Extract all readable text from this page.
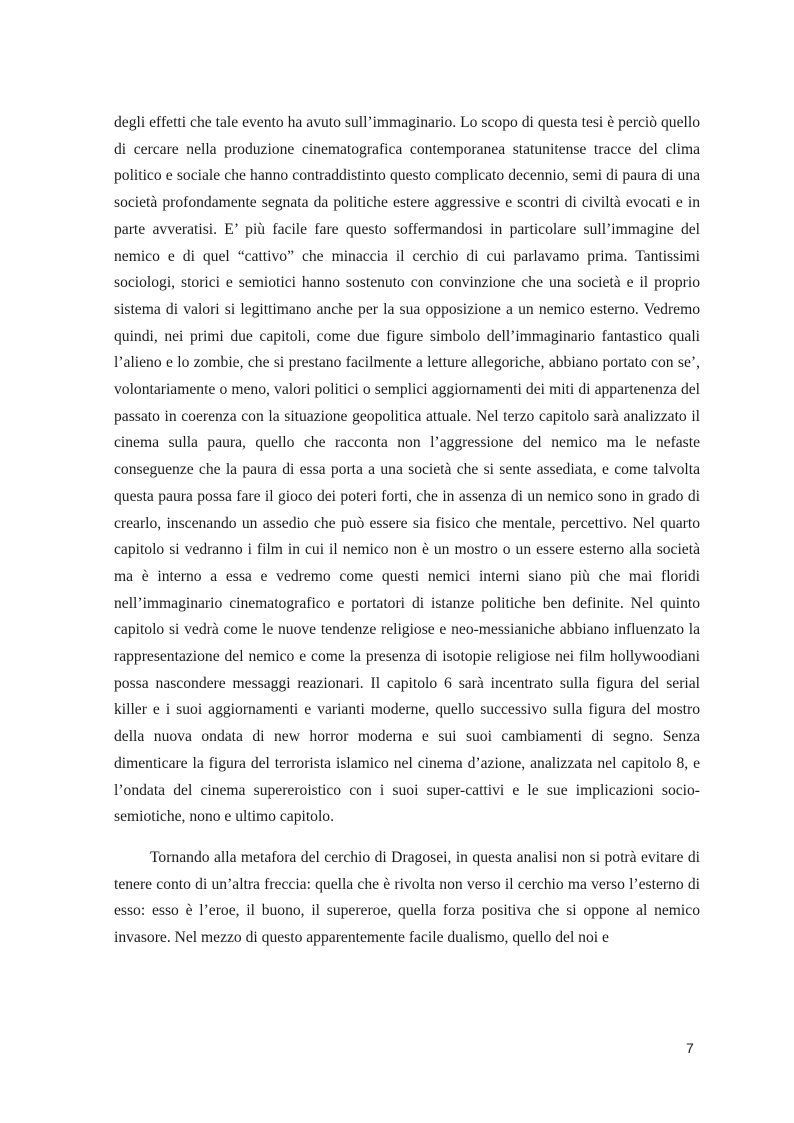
degli effetti che tale evento ha avuto sull’immaginario. Lo scopo di questa tesi è perciò quello di cercare nella produzione cinematografica contemporanea statunitense tracce del clima politico e sociale che hanno contraddistinto questo complicato decennio, semi di paura di una società profondamente segnata da politiche estere aggressive e scontri di civiltà evocati e in parte avveratisi. E’ più facile fare questo soffermandosi in particolare sull’immagine del nemico e di quel “cattivo” che minaccia il cerchio di cui parlavamo prima. Tantissimi sociologi, storici e semiotici hanno sostenuto con convinzione che una società e il proprio sistema di valori si legittimano anche per la sua opposizione a un nemico esterno. Vedremo quindi, nei primi due capitoli, come due figure simbolo dell’immaginario fantastico quali l’alieno e lo zombie, che si prestano facilmente a letture allegoriche, abbiano portato con se’, volontariamente o meno, valori politici o semplici aggiornamenti dei miti di appartenenza del passato in coerenza con la situazione geopolitica attuale. Nel terzo capitolo sarà analizzato il cinema sulla paura, quello che racconta non l’aggressione del nemico ma le nefaste conseguenze che la paura di essa porta a una società che si sente assediata, e come talvolta questa paura possa fare il gioco dei poteri forti, che in assenza di un nemico sono in grado di crearlo, inscenando un assedio che può essere sia fisico che mentale, percettivo. Nel quarto capitolo si vedranno i film in cui il nemico non è un mostro o un essere esterno alla società ma è interno a essa e vedremo come questi nemici interni siano più che mai floridi nell’immaginario cinematografico e portatori di istanze politiche ben definite. Nel quinto capitolo si vedrà come le nuove tendenze religiose e neo-messianiche abbiano influenzato la rappresentazione del nemico e come la presenza di isotopie religiose nei film hollywoodiani possa nascondere messaggi reazionari. Il capitolo 6 sarà incentrato sulla figura del serial killer e i suoi aggiornamenti e varianti moderne, quello successivo sulla figura del mostro della nuova ondata di new horror moderna e sui suoi cambiamenti di segno. Senza dimenticare la figura del terrorista islamico nel cinema d’azione, analizzata nel capitolo 8, e l’ondata del cinema supereroistico con i suoi super-cattivi e le sue implicazioni socio-semiotiche, nono e ultimo capitolo.

Tornando alla metafora del cerchio di Dragosei, in questa analisi non si potrà evitare di tenere conto di un’altra freccia: quella che è rivolta non verso il cerchio ma verso l’esterno di esso: esso è l’eroe, il buono, il supereroe, quella forza positiva che si oppone al nemico invasore. Nel mezzo di questo apparentemente facile dualismo, quello del noi e

7
